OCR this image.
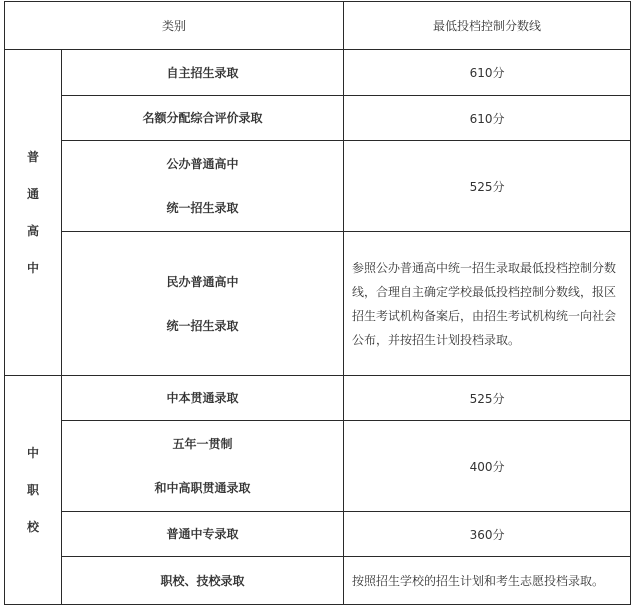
类别		最低投档控制分数线

普
通
高
中	自主招生录取	610分

	名额分配综合评价录取	610分

	公办普通高中
统一招生录取	525分

	民办普通高中
统一招生录取	参照公办普通高中统一招生录取最低投档控制分数线，合理自主确定学校最低投档控制分数线，报区招生考试机构备案后，由招生考试机构统一向社会公布，并按招生计划投档录取。

中
职
校	中本贯通录取	525分

	五年一贯制
和中高职贯通录取	400分

	普通中专录取	360分

	职校、技校录取	按照招生学校的招生计划和考生志愿投档录取。
